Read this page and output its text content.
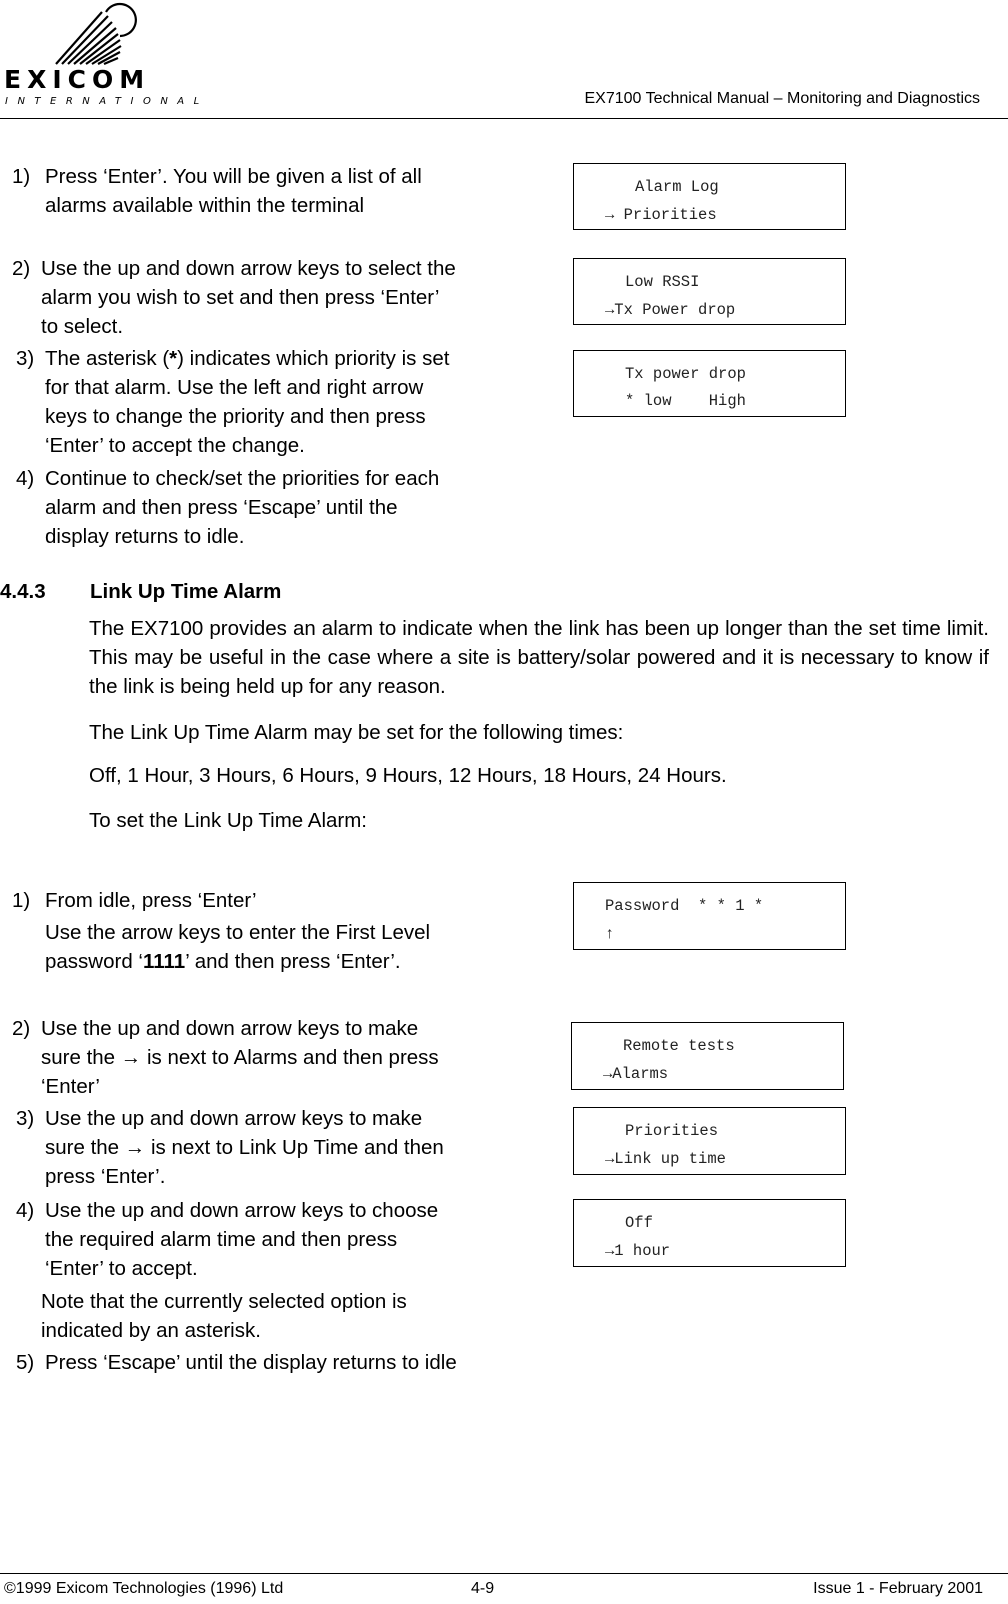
EXICOM
INTERNATIONAL	EX7100 Technical Manual – Monitoring and Diagnostics
1) Press ‘Enter’. You will be given a list of all alarms available within the terminal
2) Use the up and down arrow keys to select the alarm you wish to set and then press ‘Enter’ to select.
3) The asterisk (*) indicates which priority is set for that alarm. Use the left and right arrow keys to change the priority and then press ‘Enter’ to accept the change.
4) Continue to check/set the priorities for each alarm and then press ‘Escape’ until the display returns to idle.
Alarm Log
→ Priorities
Low RSSI
→Tx Power drop
Tx power drop
* low    High
4.4.3 Link Up Time Alarm
The EX7100 provides an alarm to indicate when the link has been up longer than the set time limit. This may be useful in the case where a site is battery/solar powered and it is necessary to know if the link is being held up for any reason.
The Link Up Time Alarm may be set for the following times:
Off, 1 Hour, 3 Hours, 6 Hours, 9 Hours, 12 Hours, 18 Hours, 24 Hours.
To set the Link Up Time Alarm:
1) From idle, press ‘Enter’
Use the arrow keys to enter the First Level
password ‘1111’ and then press ‘Enter’.
2) Use the up and down arrow keys to make sure the → is next to Alarms and then press ‘Enter’
3) Use the up and down arrow keys to make sure the → is next to Link Up Time and then press ‘Enter’.
4) Use the up and down arrow keys to choose the required alarm time and then press ‘Enter’ to accept.
Note that the currently selected option is indicated by an asterisk.
5) Press ‘Escape’ until the display returns to idle
Password  * * 1 *
↑
Remote tests
→Alarms
Priorities
→Link up time
Off
→1 hour
©1999 Exicom Technologies (1996) Ltd	4-9	Issue 1 - February 2001
